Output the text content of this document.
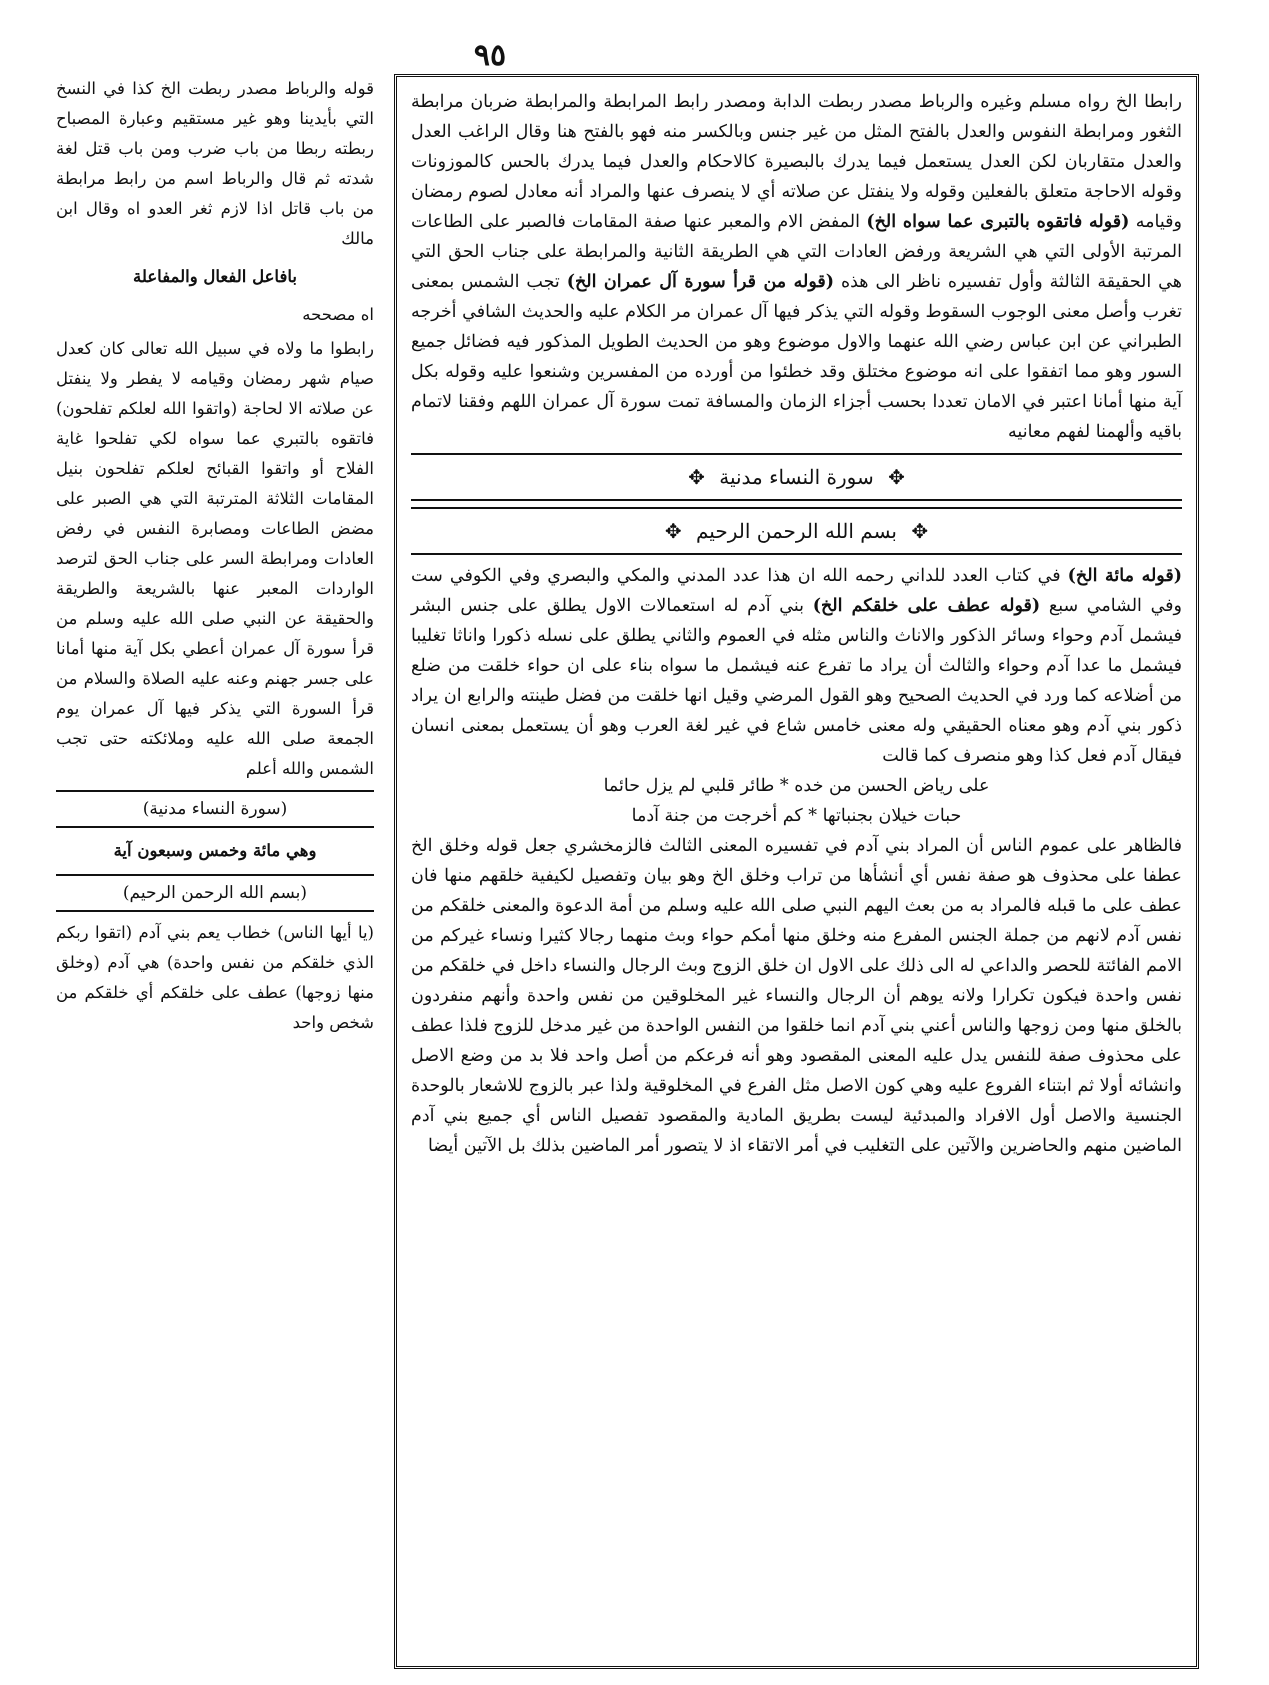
٩٥

رابطا الخ رواه مسلم وغيره والرباط مصدر ربطت الدابة ومصدر رابط المرابطة والمرابطة ضربان مرابطة الثغور ومرابطة النفوس والعدل بالفتح المثل من غير جنس وبالكسر منه فهو بالفتح هنا وقال الراغب العدل والعدل متقاربان لكن العدل يستعمل فيما يدرك بالبصيرة كالاحكام والعدل فيما يدرك بالحس كالموزونات وقوله الاحاجة متعلق بالفعلين وقوله ولا ينفتل عن صلاته أي لا ينصرف عنها والمراد أنه معادل لصوم رمضان وقيامه (قوله فاتقوه بالتبرى عما سواه الخ) المفض الام والمعبر عنها صفة المقامات فالصبر على الطاعات المرتبة الأولى التي هي الشريعة ورفض العادات التي هي الطريقة الثانية والمرابطة على جناب الحق التي هي الحقيقة الثالثة وأول تفسيره ناظر الى هذه (قوله من قرأ سورة آل عمران الخ) تجب الشمس بمعنى تغرب وأصل معنى الوجوب السقوط وقوله التي يذكر فيها آل عمران مر الكلام عليه والحديث الشافي أخرجه الطبراني عن ابن عباس رضي الله عنهما والاول موضوع وهو من الحديث الطويل المذكور فيه فضائل جميع السور وهو مما اتفقوا على انه موضوع مختلق وقد خطئوا من أورده من المفسرين وشنعوا عليه وقوله بكل آية منها أمانا اعتبر في الامان تعددا بحسب أجزاء الزمان والمسافة تمت سورة آل عمران اللهم وفقنا لاتمام باقيه وألهمنا لفهم معانيه

✥ سورة النساء مدنية ✥
✥ بسم الله الرحمن الرحيم ✥

(قوله مائة الخ) في كتاب العدد للداني رحمه الله ان هذا عدد المدني والمكي والبصري وفي الكوفي ست وفي الشامي سبع (قوله عطف على خلقكم الخ) بني آدم له استعمالات الاول يطلق على جنس البشر فيشمل آدم وحواء وسائر الذكور والاناث والناس مثله في العموم والثاني يطلق على نسله ذكورا واناثا تغليبا فيشمل ما عدا آدم وحواء والثالث أن يراد ما تفرع عنه فيشمل ما سواه بناء على ان حواء خلقت من ضلع من أضلاعه كما ورد في الحديث الصحيح وهو القول المرضي وقيل انها خلقت من فضل طينته والرابع ان يراد ذكور بني آدم وهو معناه الحقيقي وله معنى خامس شاع في غير لغة العرب وهو أن يستعمل بمعنى انسان فيقال آدم فعل كذا وهو منصرف كما قالت

على رياض الحسن من خده * طائر قلبي لم يزل حائما

حبات خيلان بجنباتها * كم أخرجت من جنة آدما

فالظاهر على عموم الناس أن المراد بني آدم في تفسيره المعنى الثالث فالزمخشري جعل قوله وخلق الخ عطفا على محذوف هو صفة نفس أي أنشأها من تراب وخلق الخ وهو بيان وتفصيل لكيفية خلقهم منها فان عطف على ما قبله فالمراد به من بعث اليهم النبي صلى الله عليه وسلم من أمة الدعوة والمعنى خلقكم من نفس آدم لانهم من جملة الجنس المفرع منه وخلق منها أمكم حواء وبث منهما رجالا كثيرا ونساء غيركم من الامم الفائتة للحصر والداعي له الى ذلك على الاول ان خلق الزوج وبث الرجال والنساء داخل في خلقكم من نفس واحدة فيكون تكرارا ولانه يوهم أن الرجال والنساء غير المخلوقين من نفس واحدة وأنهم منفردون بالخلق منها ومن زوجها والناس أعني بني آدم انما خلقوا من النفس الواحدة من غير مدخل للزوج فلذا عطف على محذوف صفة للنفس يدل عليه المعنى المقصود وهو أنه فرعكم من أصل واحد فلا بد من وضع الاصل وانشائه أولا ثم ابتناء الفروع عليه وهي كون الاصل مثل الفرع في المخلوقية ولذا عبر بالزوج للاشعار بالوحدة الجنسية والاصل أول الافراد والمبدئية ليست بطريق المادية والمقصود تفصيل الناس أي جميع بني آدم الماضين منهم والحاضرين والآتين على التغليب في أمر الاتقاء اذ لا يتصور أمر الماضين بذلك بل الآتين أيضا

قوله والرباط مصدر ربطت الخ كذا في النسخ التي بأيدينا وهو غير مستقيم وعبارة المصباح ربطته ربطا من باب ضرب ومن باب قتل لغة شدته ثم قال والرباط اسم من رابط مرابطة من باب قاتل اذا لازم ثغر العدو اه وقال ابن مالك

بافاعل الفعال والمفاعلة

اه مصححه

رابطوا ما ولاه في سبيل الله تعالى كان كعدل صيام شهر رمضان وقيامه لا يفطر ولا ينفتل عن صلاته الا لحاجة (واتقوا الله لعلكم تفلحون) فاتقوه بالتبري عما سواه لكي تفلحوا غاية الفلاح أو واتقوا القبائح لعلكم تفلحون بنيل المقامات الثلاثة المترتبة التي هي الصبر على مضض الطاعات ومصابرة النفس في رفض العادات ومرابطة السر على جناب الحق لترصد الواردات المعبر عنها بالشريعة والطريقة والحقيقة عن النبي صلى الله عليه وسلم من قرأ سورة آل عمران أعطي بكل آية منها أمانا على جسر جهنم وعنه عليه الصلاة والسلام من قرأ السورة التي يذكر فيها آل عمران يوم الجمعة صلى الله عليه وملائكته حتى تجب الشمس والله أعلم

(سورة النساء مدنية)

وهي مائة وخمس وسبعون آية

(بسم الله الرحمن الرحيم)

(يا أيها الناس) خطاب يعم بني آدم (اتقوا ربكم الذي خلقكم من نفس واحدة) هي آدم (وخلق منها زوجها) عطف على خلقكم أي خلقكم من شخص واحد
